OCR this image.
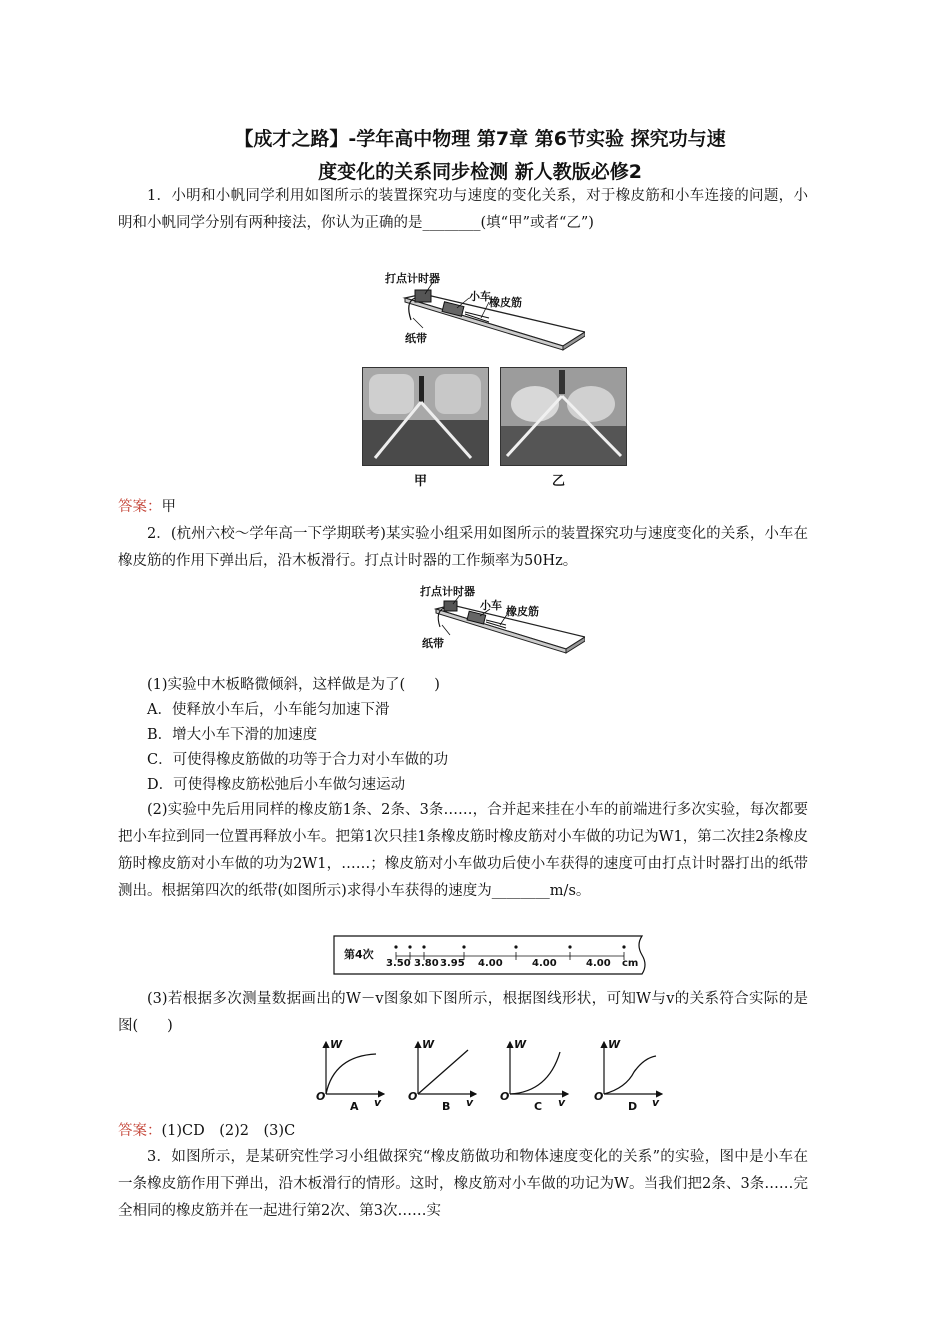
【成才之路】-学年高中物理 第7章 第6节实验 探究功与速
度变化的关系同步检测 新人教版必修2
1．小明和小帆同学利用如图所示的装置探究功与速度的变化关系，对于橡皮筋和小车连接的问题，小明和小帆同学分别有两种接法，你认为正确的是________(填“甲”或者“乙”)
打点计时器
小车
橡皮筋
纸带
甲	乙
答案：甲
2．(杭州六校～学年高一下学期联考)某实验小组采用如图所示的装置探究功与速度变化的关系，小车在橡皮筋的作用下弹出后，沿木板滑行。打点计时器的工作频率为50Hz。
打点计时器
小车 橡皮筋
纸带
(1)实验中木板略微倾斜，这样做是为了(　　)
A．使释放小车后，小车能匀加速下滑
B．增大小车下滑的加速度
C．可使得橡皮筋做的功等于合力对小车做的功
D．可使得橡皮筋松弛后小车做匀速运动
(2)实验中先后用同样的橡皮筋1条、2条、3条……，合并起来挂在小车的前端进行多次实验，每次都要把小车拉到同一位置再释放小车。把第1次只挂1条橡皮筋时橡皮筋对小车做的功记为W1，第二次挂2条橡皮筋时橡皮筋对小车做的功为2W1，……；橡皮筋对小车做功后使小车获得的速度可由打点计时器打出的纸带测出。根据第四次的纸带(如图所示)求得小车获得的速度为________m/s。
第4次
3.50 3.80 3.95 4.00	4.00	4.00 cm
(3)若根据多次测量数据画出的W－v图象如下图所示，根据图线形状，可知W与v的关系符合实际的是图(　　)
W	W	W	W
O	O	O	O
v	v	v	v
A	B	C	D
答案：(1)CD　(2)2　(3)C
3．如图所示，是某研究性学习小组做探究“橡皮筋做功和物体速度变化的关系”的实验，图中是小车在一条橡皮筋作用下弹出，沿木板滑行的情形。这时，橡皮筋对小车做的功记为W。当我们把2条、3条……完全相同的橡皮筋并在一起进行第2次、第3次……实
